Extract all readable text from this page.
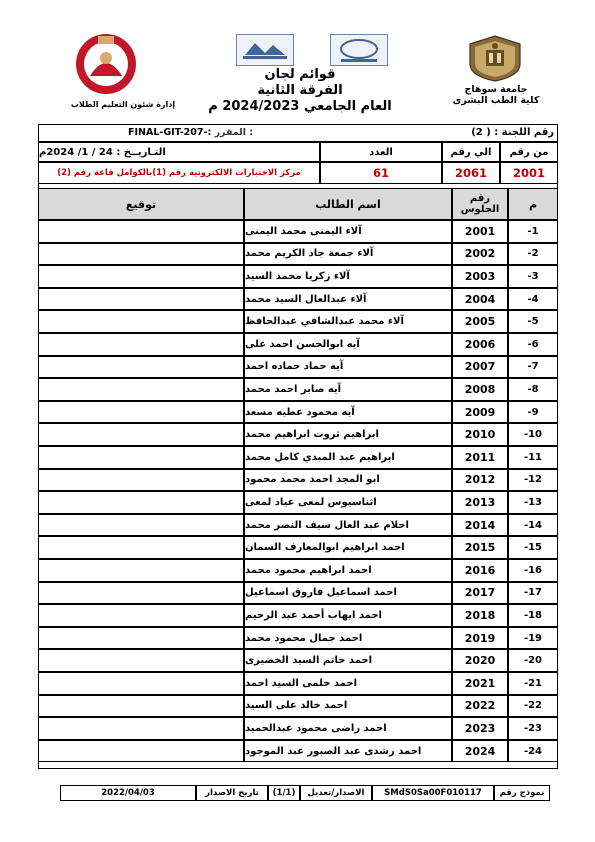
جامعة سوهاج
كلية الطب البشرى
قوائم لجان
الفرقة الثانية
العام الجامعي 2024/2023 م
إدارة شئون التعليم الطلاب
رقم اللجنة : ( 2)
FINAL-GIT-207-: المقرر :
من رقم
الي رقم
العدد
التـاريــخ : 24 / 1/ 2024م
2001
2061
61
مركز الاختبارات الالكترونيه رقم (1)بالكوامل قاعة رقم (2)
م
رقم الجلوس
اسم الطالب
توقيع
-1
2001
آلاء اليمنى محمد اليمنى
-2
2002
آلاء جمعة جاد الكريم محمد
-3
2003
آلاء زكريا محمد السيد
-4
2004
آلاء عبدالعال السيد محمد
-5
2005
آلاء محمد عبدالشافي عبدالحافظ
-6
2006
آيه ابوالحسن احمد على
-7
2007
آيه حماد حماده احمد
-8
2008
آيه صابر احمد محمد
-9
2009
آيه محمود عطيه مسعد
-10
2010
ابراهيم ثروت ابراهيم محمد
-11
2011
ابراهيم عبد المبدي كامل محمد
-12
2012
ابو المجد احمد محمد محمود
-13
2013
اثناسيوس لمعى عياد لمعى
-14
2014
احلام عبد العال سيف النصر محمد
-15
2015
احمد ابراهيم ابوالمعارف السمان
-16
2016
احمد ابراهيم محمود محمد
-17
2017
احمد اسماعيل فاروق اسماعيل
-18
2018
احمد ايهاب أحمد عبد الرحيم
-19
2019
احمد جمال محمود محمد
-20
2020
احمد حاتم السيد الخضيرى
-21
2021
احمد حلمى السيد احمد
-22
2022
احمد خالد على السيد
-23
2023
احمد راضى محمود عبدالحميد
-24
2024
احمد رشدى عبد الصبور عبد الموجود
نموذج رقم
SMdS0Sa00F010117
الاصدار/تعديل
(1/1)
تاريخ الاصدار
2022/04/03
